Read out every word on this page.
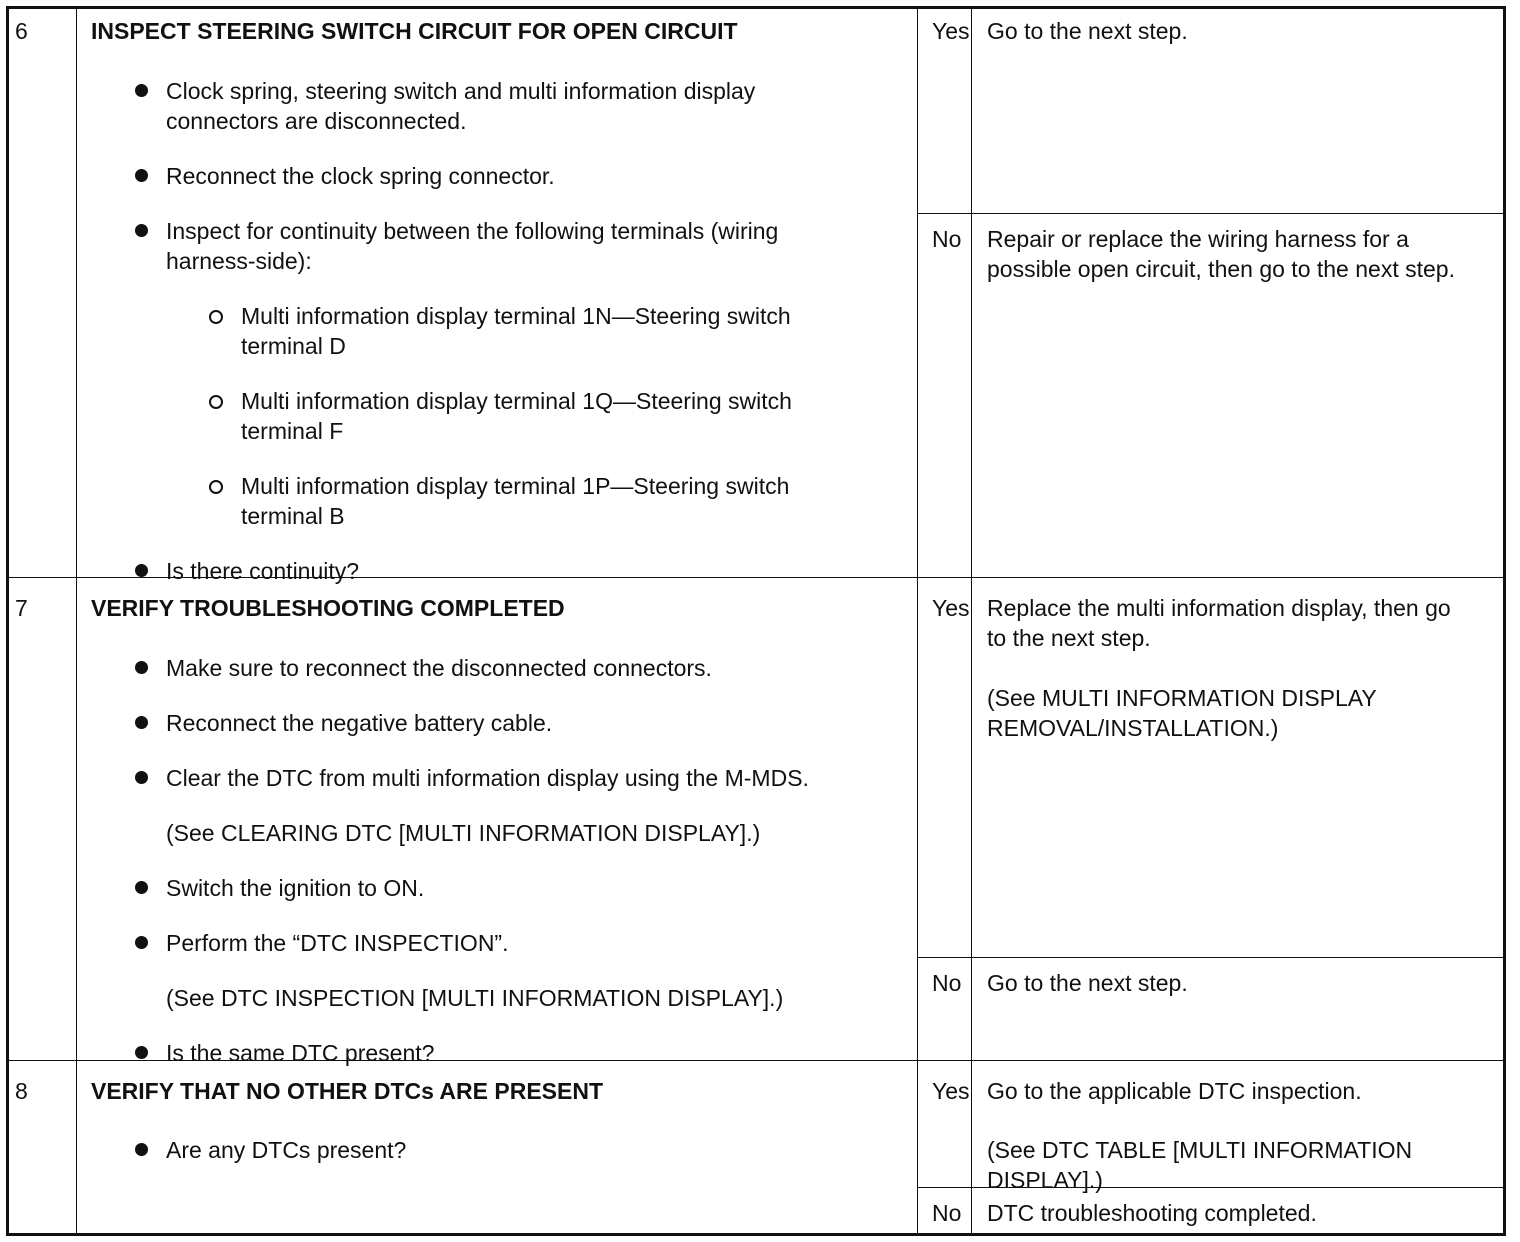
6	INSPECT STEERING SWITCH CIRCUIT FOR OPEN CIRCUIT
Clock spring, steering switch and multi information display
connectors are disconnected.
Reconnect the clock spring connector.
Inspect for continuity between the following terminals (wiring
harness-side):
Multi information display terminal 1N—Steering switch
terminal D
Multi information display terminal 1Q—Steering switch
terminal F
Multi information display terminal 1P—Steering switch
terminal B
Is there continuity?
Yes Go to the next step.
No Repair or replace the wiring harness for a
possible open circuit, then go to the next step.
7	VERIFY TROUBLESHOOTING COMPLETED
Make sure to reconnect the disconnected connectors.
Reconnect the negative battery cable.
Clear the DTC from multi information display using the M-MDS.
(See CLEARING DTC [MULTI INFORMATION DISPLAY].)
Switch the ignition to ON.
Perform the “DTC INSPECTION”.
(See DTC INSPECTION [MULTI INFORMATION DISPLAY].)
Is the same DTC present?
Yes Replace the multi information display, then go
to the next step.
(See MULTI INFORMATION DISPLAY
REMOVAL/INSTALLATION.)
No Go to the next step.
8	VERIFY THAT NO OTHER DTCs ARE PRESENT
Are any DTCs present?
Yes Go to the applicable DTC inspection.
(See DTC TABLE [MULTI INFORMATION
DISPLAY].)
No DTC troubleshooting completed.
